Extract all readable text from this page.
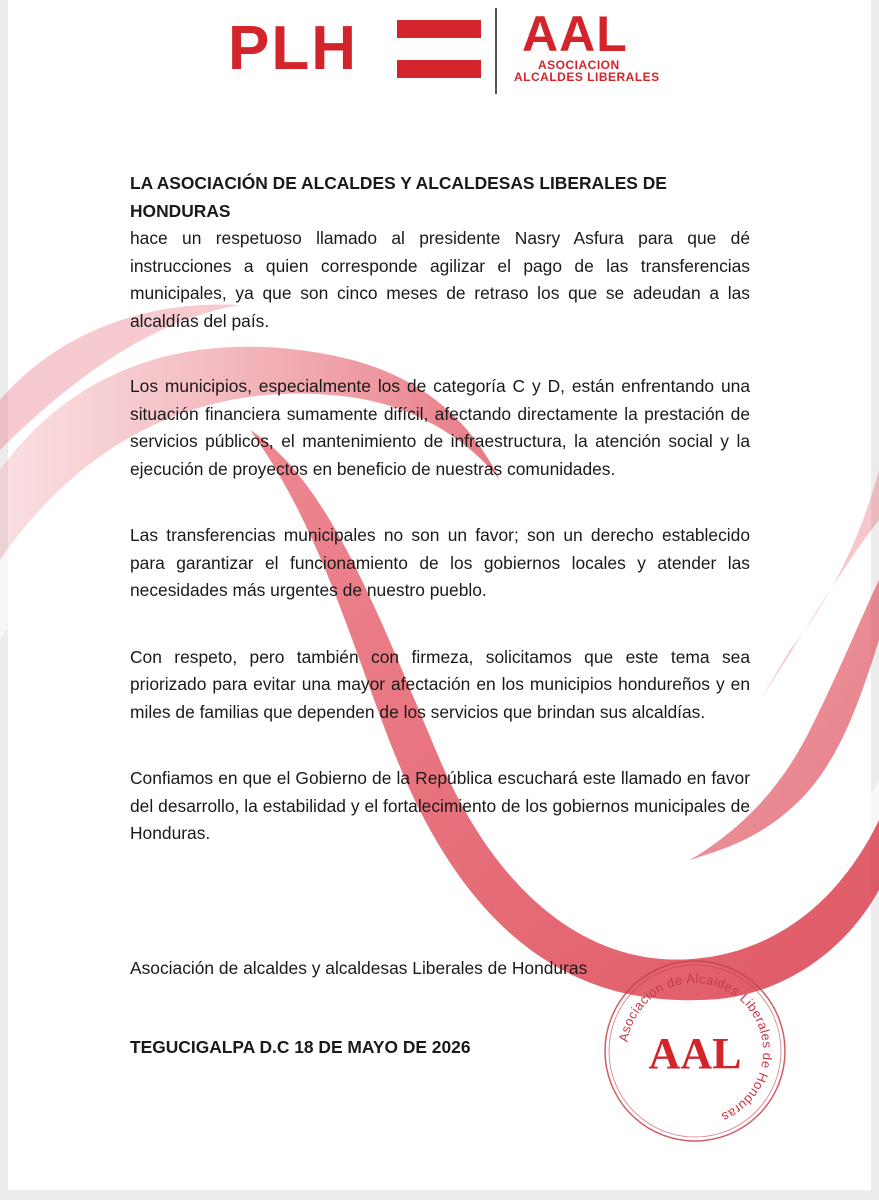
PLH	AAL
ASOCIACION
ALCALDES LIBERALES

LA ASOCIACIÓN DE ALCALDES Y ALCALDESAS LIBERALES DE HONDURAS

hace un respetuoso llamado al presidente Nasry Asfura para que dé instrucciones a quien corresponde agilizar el pago de las transferencias municipales, ya que son cinco meses de retraso los que se adeudan a las alcaldías del país.

Los municipios, especialmente los de categoría C y D, están enfrentando una situación financiera sumamente difícil, afectando directamente la prestación de servicios públicos, el mantenimiento de infraestructura, la atención social y la ejecución de proyectos en beneficio de nuestras comunidades.

Las transferencias municipales no son un favor; son un derecho establecido para garantizar el funcionamiento de los gobiernos locales y atender las necesidades más urgentes de nuestro pueblo.

Con respeto, pero también con firmeza, solicitamos que este tema sea priorizado para evitar una mayor afectación en los municipios hondureños y en miles de familias que dependen de los servicios que brindan sus alcaldías.

Confiamos en que el Gobierno de la República escuchará este llamado en favor del desarrollo, la estabilidad y el fortalecimiento de los gobiernos municipales de Honduras.

Asociación de alcaldes y alcaldesas Liberales de Honduras
TEGUCIGALPA D.C 18 DE MAYO DE 2026	Asociacion de Alcaldes Liberales de Honduras
AAL
